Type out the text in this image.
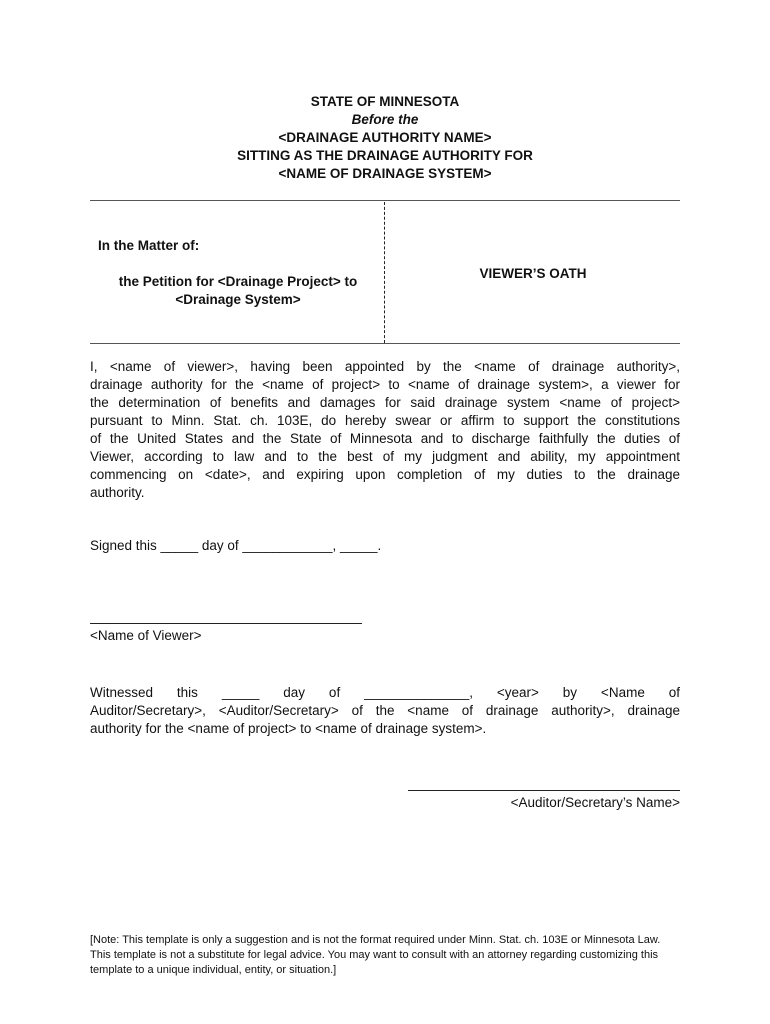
STATE OF MINNESOTA
Before the
<DRAINAGE AUTHORITY NAME>
SITTING AS THE DRAINAGE AUTHORITY FOR
<NAME OF DRAINAGE SYSTEM>
In the Matter of:
the Petition for <Drainage Project> to
<Drainage System>
VIEWER’S OATH
I, <name of viewer>, having been appointed by the <name of drainage authority>,
drainage authority for the <name of project> to <name of drainage system>, a viewer for
the determination of benefits and damages for said drainage system <name of project>
pursuant to Minn. Stat. ch. 103E, do hereby swear or affirm to support the constitutions
of the United States and the State of Minnesota and to discharge faithfully the duties of
Viewer, according to law and to the best of my judgment and ability, my appointment
commencing on <date>, and expiring upon completion of my duties to the drainage
authority.
Signed this _____ day of ____________, _____.
<Name of Viewer>
Witnessed this _____ day of ______________, <year> by <Name of
Auditor/Secretary>, <Auditor/Secretary> of the <name of drainage authority>, drainage
authority for the <name of project> to <name of drainage system>.
<Auditor/Secretary’s Name>
[Note: This template is only a suggestion and is not the format required under Minn. Stat. ch. 103E or Minnesota Law. This template is not a substitute for legal advice. You may want to consult with an attorney regarding customizing this template to a unique individual, entity, or situation.]
